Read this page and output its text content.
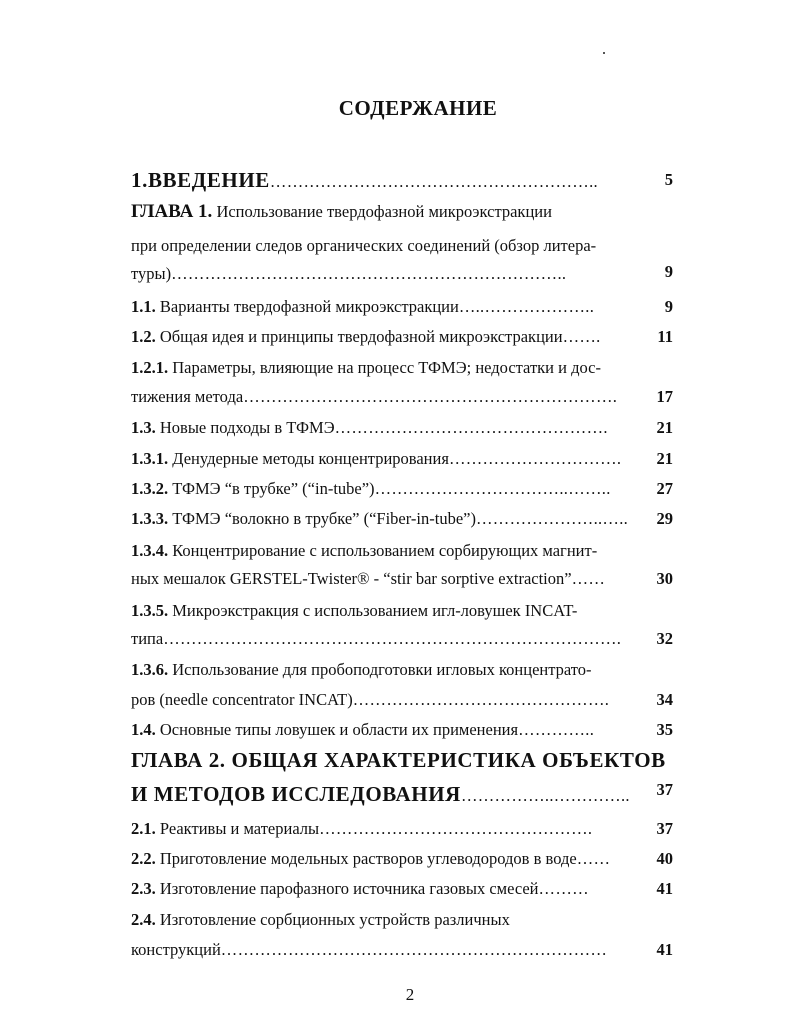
СОДЕРЖАНИЕ
1.ВВЕДЕНИЕ…………………………………………………..	5
ГЛАВА 1. Использование твердофазной микроэкстракции
при определении следов органических соединений (обзор литера-
туры)……………………………………………………………..	9
1.1. Варианты твердофазной микроэкстракции…..………………..	9
1.2. Общая идея и принципы твердофазной микроэкстракции…….	11
1.2.1. Параметры, влияющие на процесс ТФМЭ; недостатки и дос-
тижения метода………………………………………………………….	17
1.3. Новые подходы в ТФМЭ………………………………………….	21
1.3.1. Денудерные методы концентрирования………………………….	21
1.3.2. ТФМЭ “в трубке” (“in-tube”)……………………………..……..	27
1.3.3. ТФМЭ “волокно в трубке” (“Fiber-in-tube”)…………………..…..	29
1.3.4. Концентрирование с использованием сорбирующих магнит-
ных мешалок GERSTEL-Twister® - “stir bar sorptive extraction”……	30
1.3.5. Микроэкстракция с использованием игл-ловушек INCAT-
типа……………………………………………………………………….	32
1.3.6. Использование для пробоподготовки игловых концентрато-
ров (needle concentrator INCAT)……………………………………….	34
1.4. Основные типы ловушек и области их применения…………..	35
ГЛАВА 2. ОБЩАЯ ХАРАКТЕРИСТИКА ОБЪЕКТОВ
И МЕТОДОВ ИССЛЕДОВАНИЯ……………..…………..	37
2.1. Реактивы и материалы………………………………………….	37
2.2. Приготовление модельных растворов углеводородов в воде……	40
2.3. Изготовление парофазного источника газовых смесей………	41
2.4. Изготовление сорбционных устройств различных
конструкций……………………………………………………………	41
2
